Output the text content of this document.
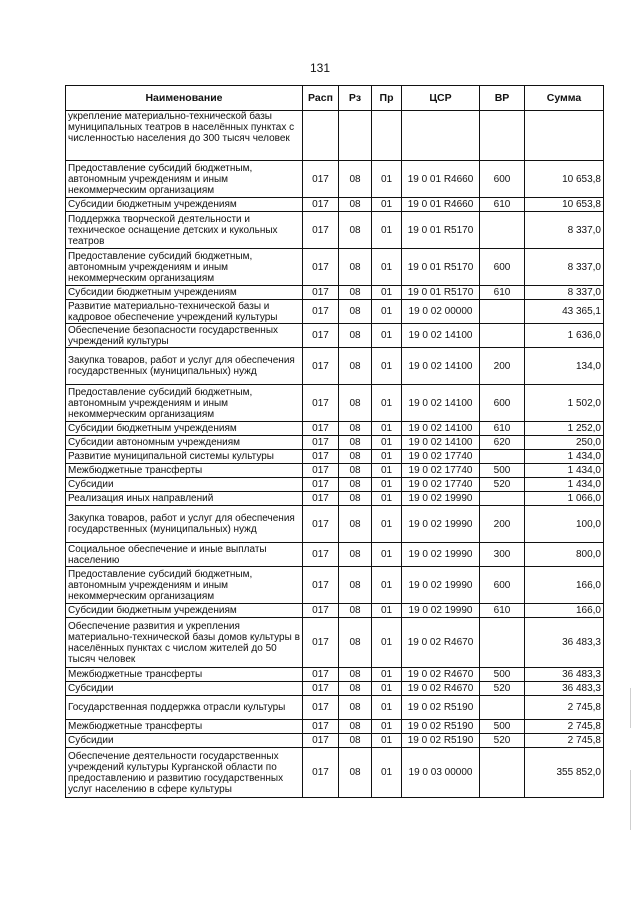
131
Наименование	Расп	Рз	Пр	ЦСР	ВР	Сумма
укрепление материально-технической базы муниципальных театров в населённых пунктах с численностью населения до 300 тысяч человек						
Предоставление субсидий бюджетным, автономным учреждениям и иным некоммерческим организациям	017	08	01	19 0 01 R4660	600	10 653,8
Субсидии бюджетным учреждениям	017	08	01	19 0 01 R4660	610	10 653,8
Поддержка творческой деятельности и техническое оснащение детских и кукольных театров	017	08	01	19 0 01 R5170		8 337,0
Предоставление субсидий бюджетным, автономным учреждениям и иным некоммерческим организациям	017	08	01	19 0 01 R5170	600	8 337,0
Субсидии бюджетным учреждениям	017	08	01	19 0 01 R5170	610	8 337,0
Развитие материально-технической базы и кадровое обеспечение учреждений культуры	017	08	01	19 0 02 00000		43 365,1
Обеспечение безопасности государственных учреждений культуры	017	08	01	19 0 02 14100		1 636,0
Закупка товаров, работ и услуг для обеспечения государственных (муниципальных) нужд	017	08	01	19 0 02 14100	200	134,0
Предоставление субсидий бюджетным, автономным учреждениям и иным некоммерческим организациям	017	08	01	19 0 02 14100	600	1 502,0
Субсидии бюджетным учреждениям	017	08	01	19 0 02 14100	610	1 252,0
Субсидии автономным учреждениям	017	08	01	19 0 02 14100	620	250,0
Развитие муниципальной системы культуры	017	08	01	19 0 02 17740		1 434,0
Межбюджетные трансферты	017	08	01	19 0 02 17740	500	1 434,0
Субсидии	017	08	01	19 0 02 17740	520	1 434,0
Реализация иных направлений	017	08	01	19 0 02 19990		1 066,0
Закупка товаров, работ и услуг для обеспечения государственных (муниципальных) нужд	017	08	01	19 0 02 19990	200	100,0
Социальное обеспечение и иные выплаты населению	017	08	01	19 0 02 19990	300	800,0
Предоставление субсидий бюджетным, автономным учреждениям и иным некоммерческим организациям	017	08	01	19 0 02 19990	600	166,0
Субсидии бюджетным учреждениям	017	08	01	19 0 02 19990	610	166,0
Обеспечение развития и укрепления материально-технической базы домов культуры в населённых пунктах с числом жителей до 50 тысяч человек	017	08	01	19 0 02 R4670		36 483,3
Межбюджетные трансферты	017	08	01	19 0 02 R4670	500	36 483,3
Субсидии	017	08	01	19 0 02 R4670	520	36 483,3
Государственная поддержка отрасли культуры	017	08	01	19 0 02 R5190		2 745,8
Межбюджетные трансферты	017	08	01	19 0 02 R5190	500	2 745,8
Субсидии	017	08	01	19 0 02 R5190	520	2 745,8
Обеспечение деятельности государственных учреждений культуры Курганской области по предоставлению и развитию государственных услуг населению в сфере культуры	017	08	01	19 0 03 00000		355 852,0
